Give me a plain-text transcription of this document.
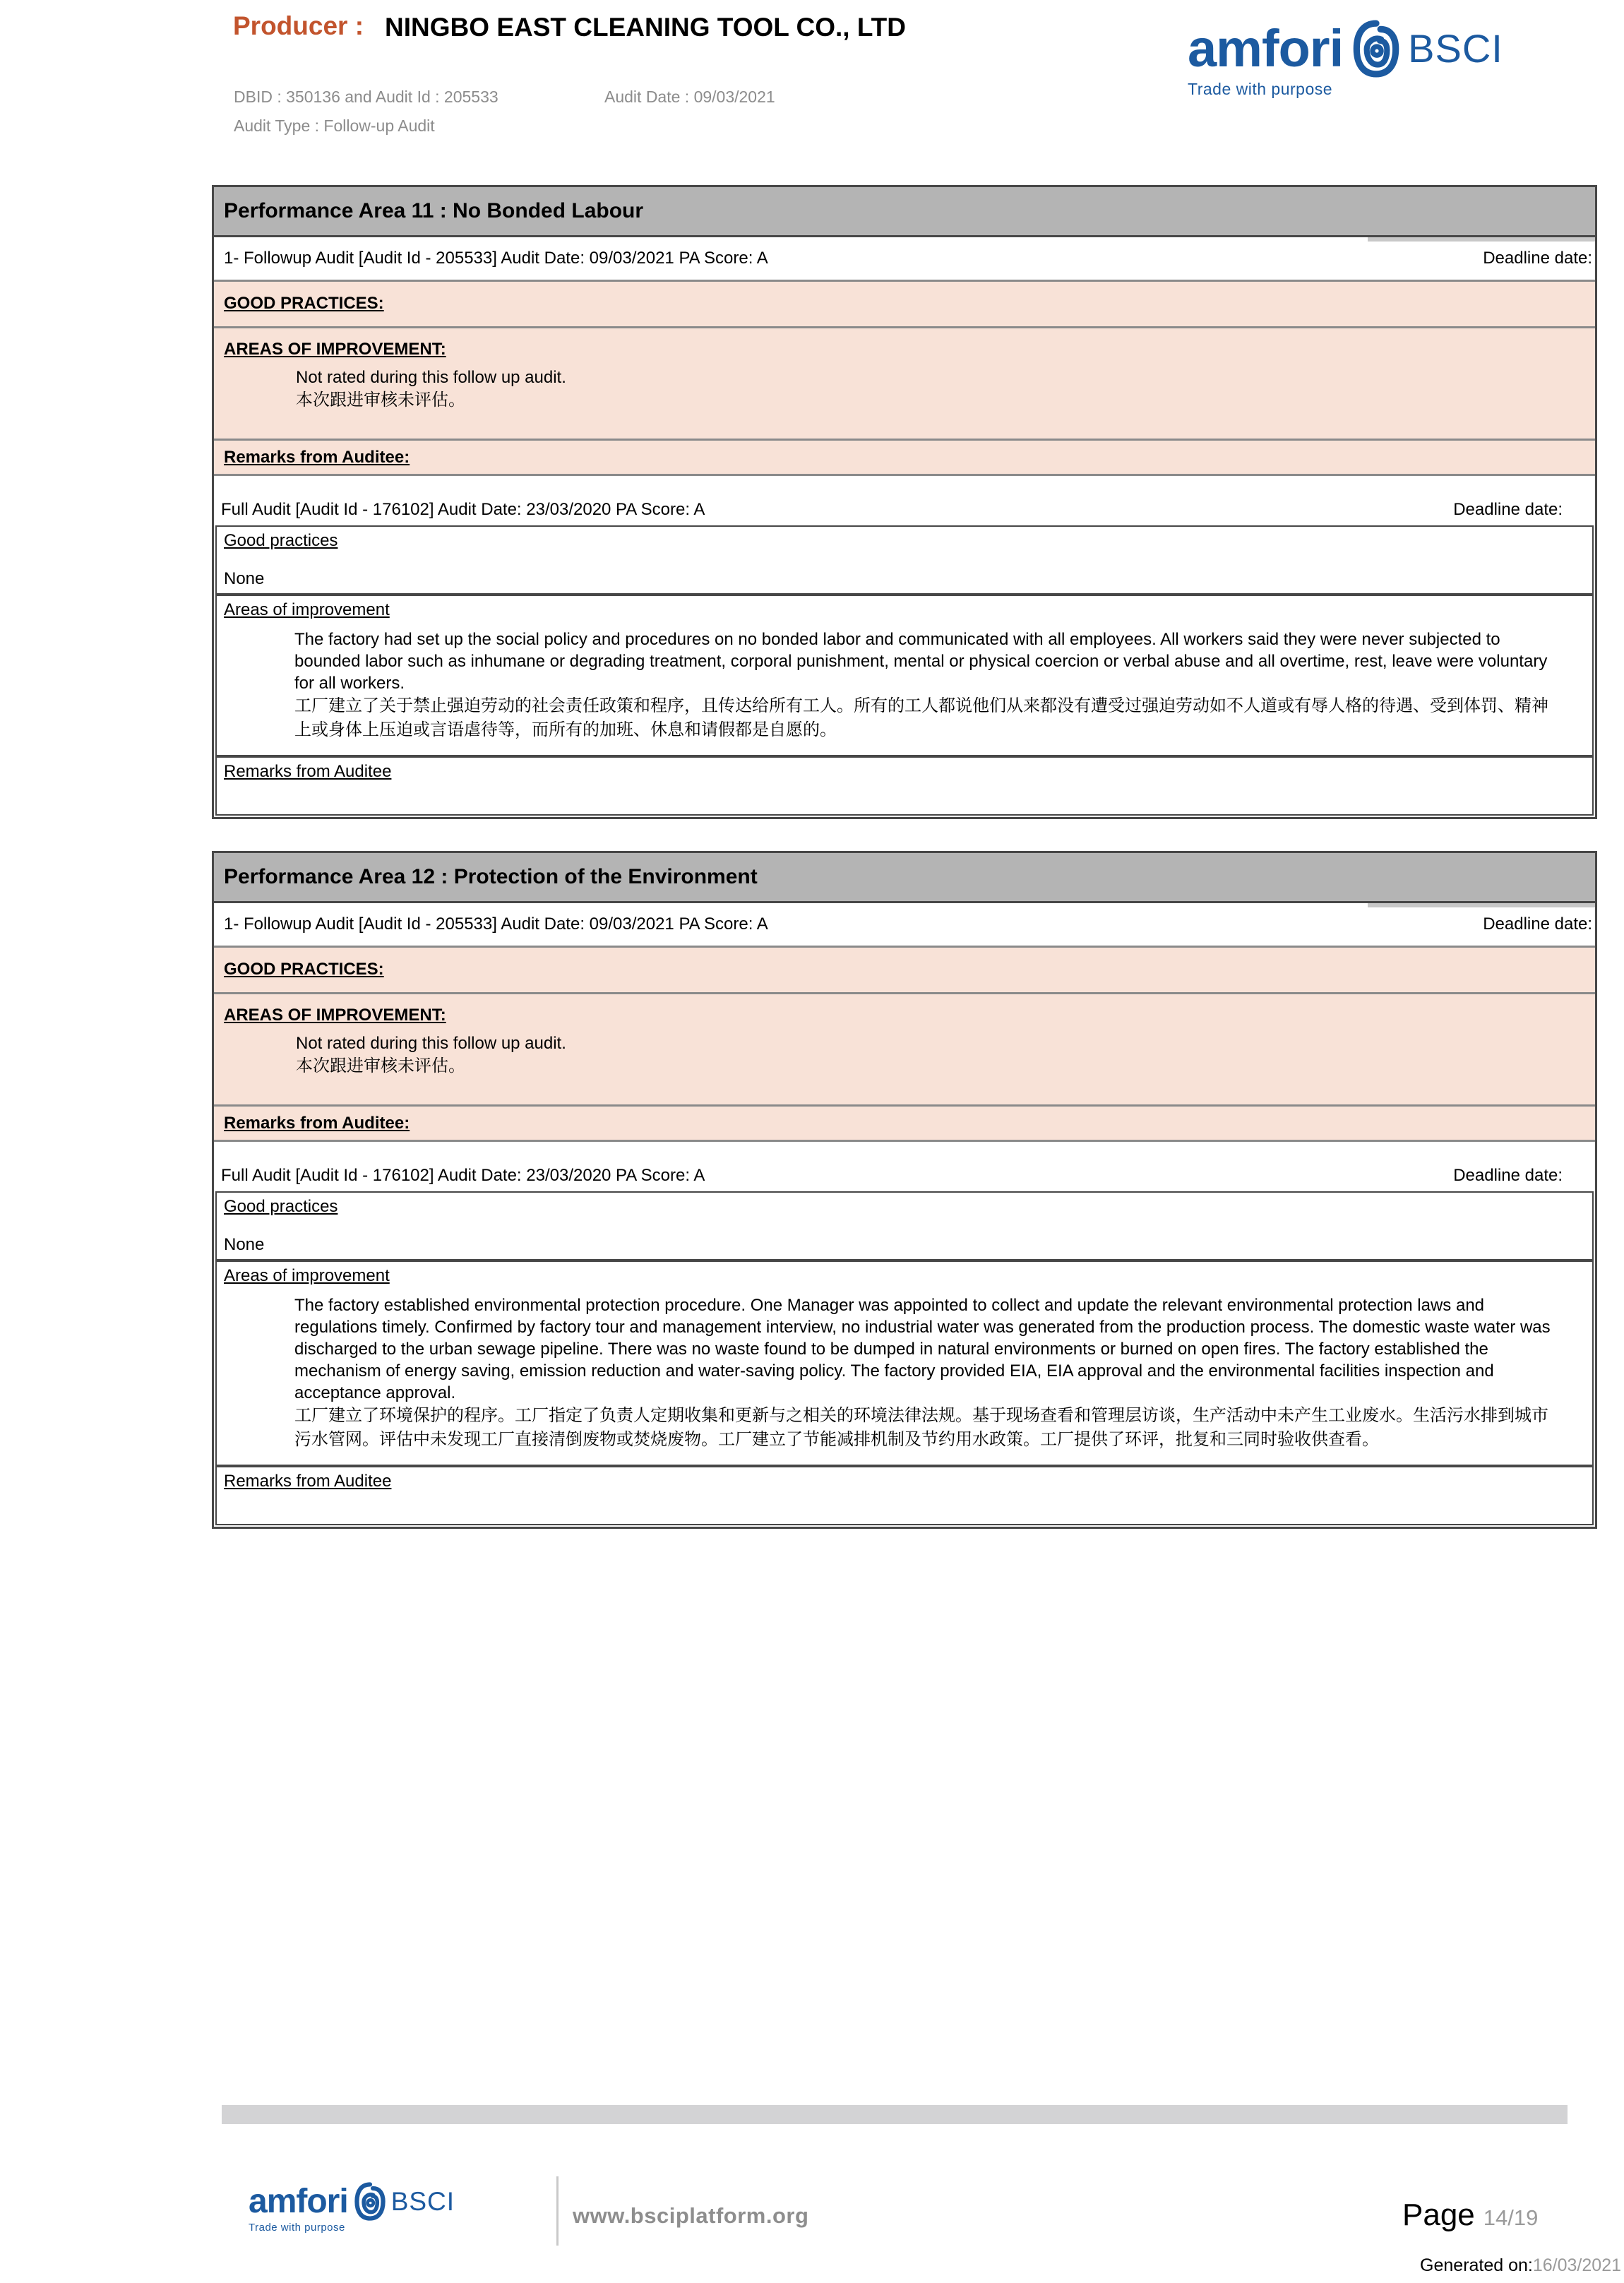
Producer : NINGBO EAST CLEANING TOOL CO., LTD
DBID : 350136 and Audit Id : 205533	Audit Date : 09/03/2021
Audit Type : Follow-up Audit
amfori BSCI
Trade with purpose
Performance Area 11 : No Bonded Labour
1- Followup Audit [Audit Id - 205533] Audit Date: 09/03/2021 PA Score: A	Deadline date:
GOOD PRACTICES:
AREAS OF IMPROVEMENT:
Not rated during this follow up audit.
本次跟进审核未评估。
Remarks from Auditee:
Full Audit [Audit Id - 176102] Audit Date: 23/03/2020 PA Score: A	Deadline date:
Good practices
None
Areas of improvement
The factory had set up the social policy and procedures on no bonded labor and communicated with all employees. All workers said they were never subjected to bounded labor such as inhumane or degrading treatment, corporal punishment, mental or physical coercion or verbal abuse and all overtime, rest, leave were voluntary for all workers.
工厂建立了关于禁止强迫劳动的社会责任政策和程序，且传达给所有工人。所有的工人都说他们从来都没有遭受过强迫劳动如不人道或有辱人格的待遇、受到体罚、精神上或身体上压迫或言语虐待等，而所有的加班、休息和请假都是自愿的。
Remarks from Auditee
Performance Area 12 : Protection of the Environment
1- Followup Audit [Audit Id - 205533] Audit Date: 09/03/2021 PA Score: A	Deadline date:
GOOD PRACTICES:
AREAS OF IMPROVEMENT:
Not rated during this follow up audit.
本次跟进审核未评估。
Remarks from Auditee:
Full Audit [Audit Id - 176102] Audit Date: 23/03/2020 PA Score: A	Deadline date:
Good practices
None
Areas of improvement
The factory established environmental protection procedure. One Manager was appointed to collect and update the relevant environmental protection laws and regulations timely. Confirmed by factory tour and management interview, no industrial water was generated from the production process. The domestic waste water was discharged to the urban sewage pipeline. There was no waste found to be dumped in natural environments or burned on open fires. The factory established the mechanism of energy saving, emission reduction and water-saving policy. The factory provided EIA, EIA approval and the environmental facilities inspection and acceptance approval.
工厂建立了环境保护的程序。工厂指定了负责人定期收集和更新与之相关的环境法律法规。基于现场查看和管理层访谈，生产活动中未产生工业废水。生活污水排到城市污水管网。评估中未发现工厂直接清倒废物或焚烧废物。工厂建立了节能减排机制及节约用水政策。工厂提供了环评，批复和三同时验收供查看。
Remarks from Auditee
amfori BSCI
Trade with purpose	www.bsciplatform.org	Page 14/19
Generated on:16/03/2021
